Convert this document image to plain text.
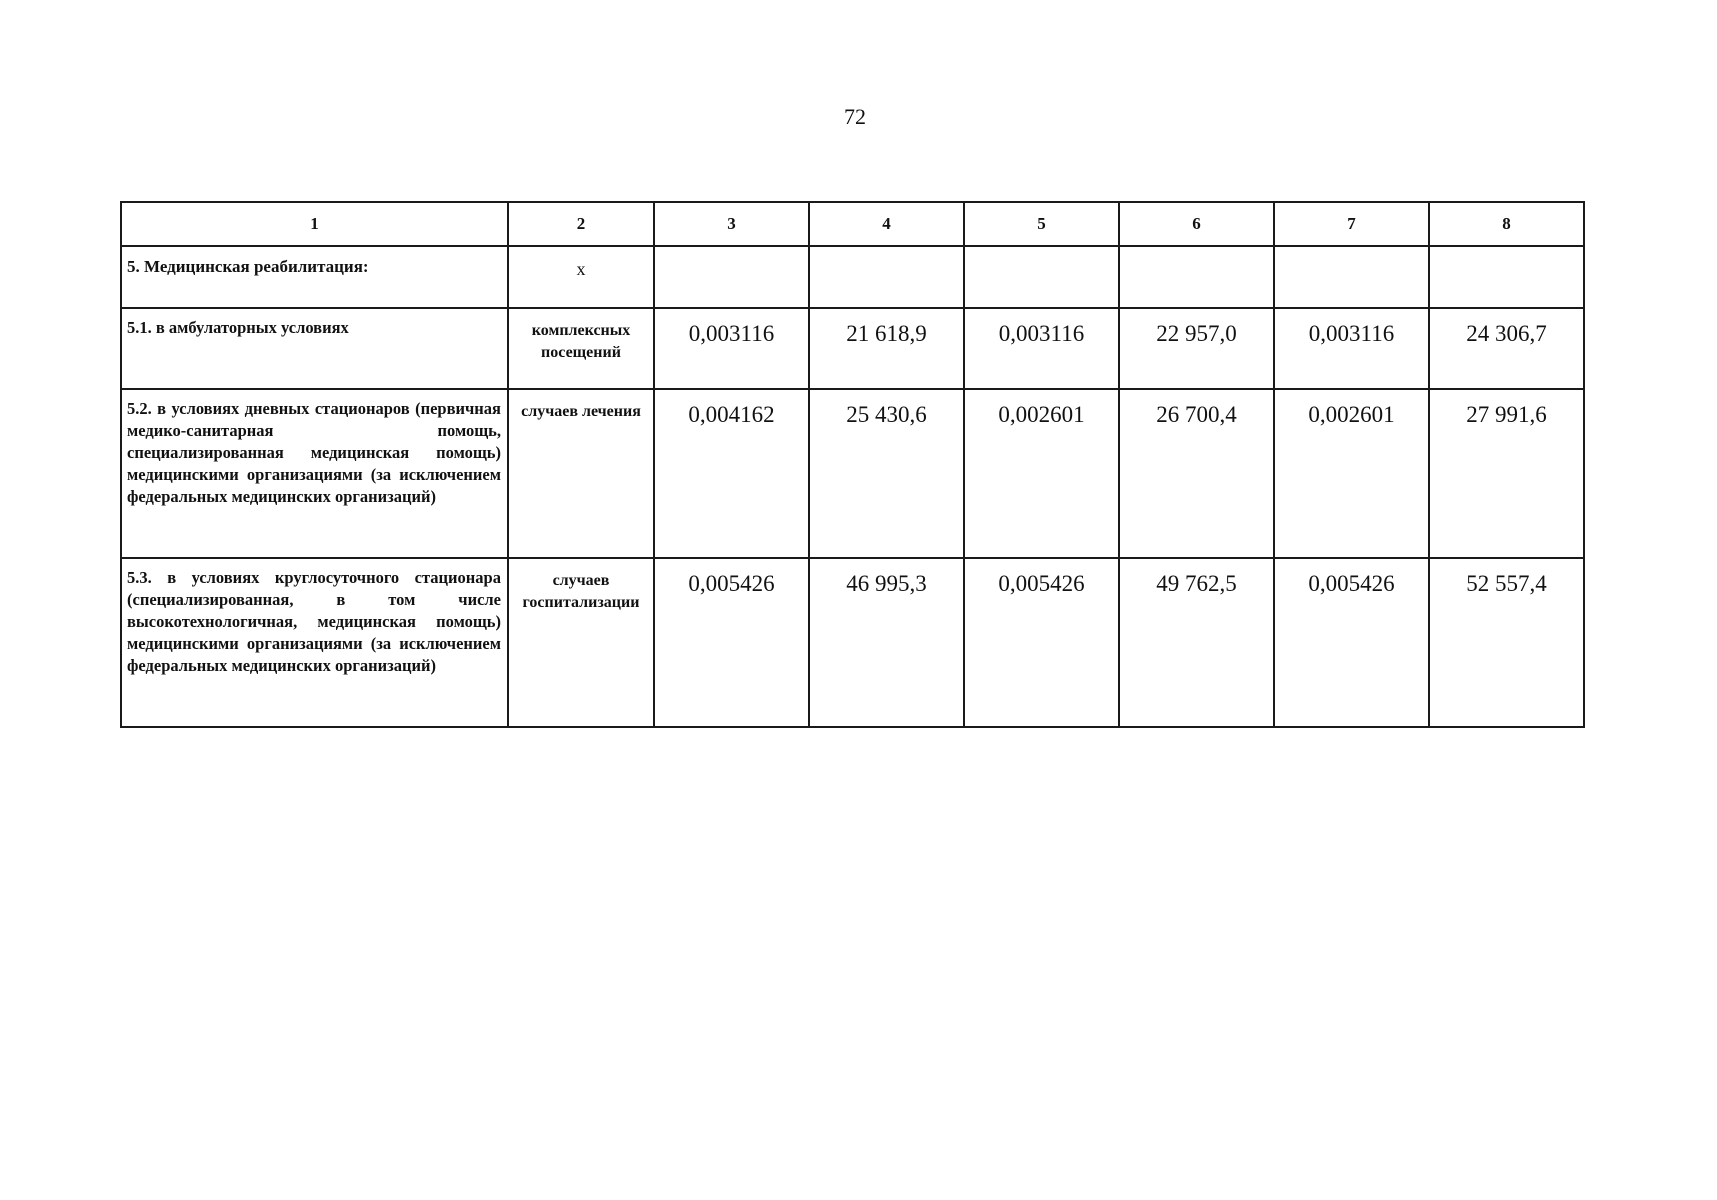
72
1	2	3	4	5	6	7	8
5. Медицинская реабилитация:	х						
5.1. в амбулаторных условиях	комплексных посещений	0,003116	21 618,9	0,003116	22 957,0	0,003116	24 306,7
5.2. в условиях дневных стационаров (первичная медико-санитарная помощь, специализированная медицинская помощь) медицинскими организациями (за исключением федеральных медицинских организаций)	случаев лечения	0,004162	25 430,6	0,002601	26 700,4	0,002601	27 991,6
5.3. в условиях круглосуточного стационара (специализированная, в том числе высокотехнологичная, медицинская помощь) медицинскими организациями (за исключением федеральных медицинских организаций)	случаев госпитализации	0,005426	46 995,3	0,005426	49 762,5	0,005426	52 557,4
